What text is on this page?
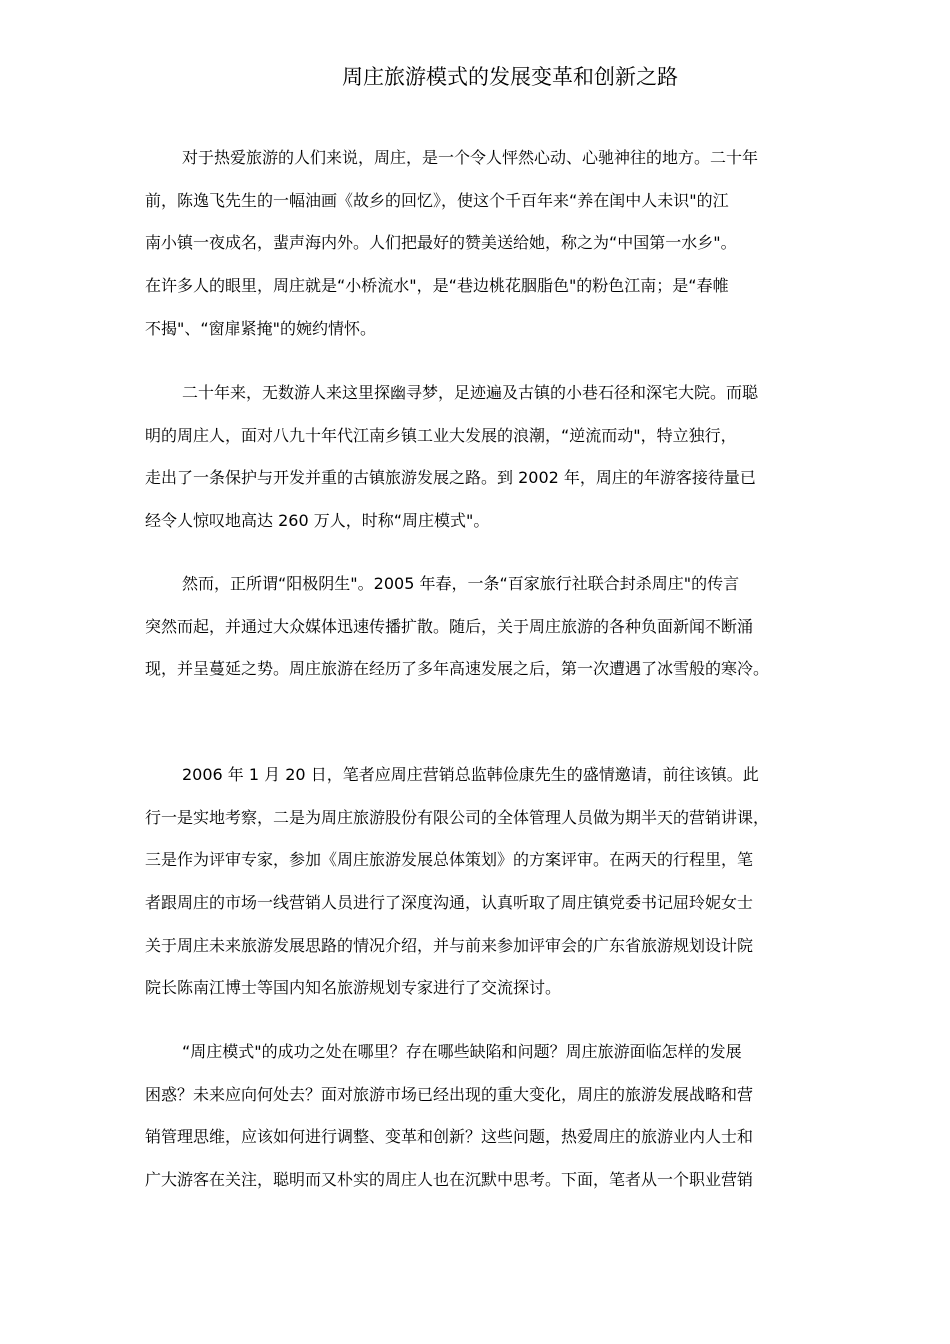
周庄旅游模式的发展变革和创新之路
对于热爱旅游的人们来说，周庄，是一个令人怦然心动、心驰神往的地方。二十年
前，陈逸飞先生的一幅油画《故乡的回忆》，使这个千百年来“养在闺中人未识"的江
南小镇一夜成名，蜚声海内外。人们把最好的赞美送给她，称之为“中国第一水乡"。
在许多人的眼里，周庄就是“小桥流水"，是“巷边桃花胭脂色"的粉色江南；是“春帷
不揭"、“窗扉紧掩"的婉约情怀。
二十年来，无数游人来这里探幽寻梦，足迹遍及古镇的小巷石径和深宅大院。而聪
明的周庄人，面对八九十年代江南乡镇工业大发展的浪潮，“逆流而动"，特立独行，
走出了一条保护与开发并重的古镇旅游发展之路。到 2002 年，周庄的年游客接待量已
经令人惊叹地高达 260 万人，时称“周庄模式"。
然而，正所谓“阳极阴生"。2005 年春，一条“百家旅行社联合封杀周庄"的传言
突然而起，并通过大众媒体迅速传播扩散。随后，关于周庄旅游的各种负面新闻不断涌
现，并呈蔓延之势。周庄旅游在经历了多年高速发展之后，第一次遭遇了冰雪般的寒冷。
2006 年 1 月 20 日，笔者应周庄营销总监韩俭康先生的盛情邀请，前往该镇。此
行一是实地考察，二是为周庄旅游股份有限公司的全体管理人员做为期半天的营销讲课，
三是作为评审专家，参加《周庄旅游发展总体策划》的方案评审。在两天的行程里，笔
者跟周庄的市场一线营销人员进行了深度沟通，认真听取了周庄镇党委书记屈玲妮女士
关于周庄未来旅游发展思路的情况介绍，并与前来参加评审会的广东省旅游规划设计院
院长陈南江博士等国内知名旅游规划专家进行了交流探讨。
“周庄模式"的成功之处在哪里？存在哪些缺陷和问题？周庄旅游面临怎样的发展
困惑？未来应向何处去？面对旅游市场已经出现的重大变化，周庄的旅游发展战略和营
销管理思维，应该如何进行调整、变革和创新？这些问题，热爱周庄的旅游业内人士和
广大游客在关注，聪明而又朴实的周庄人也在沉默中思考。下面，笔者从一个职业营销
